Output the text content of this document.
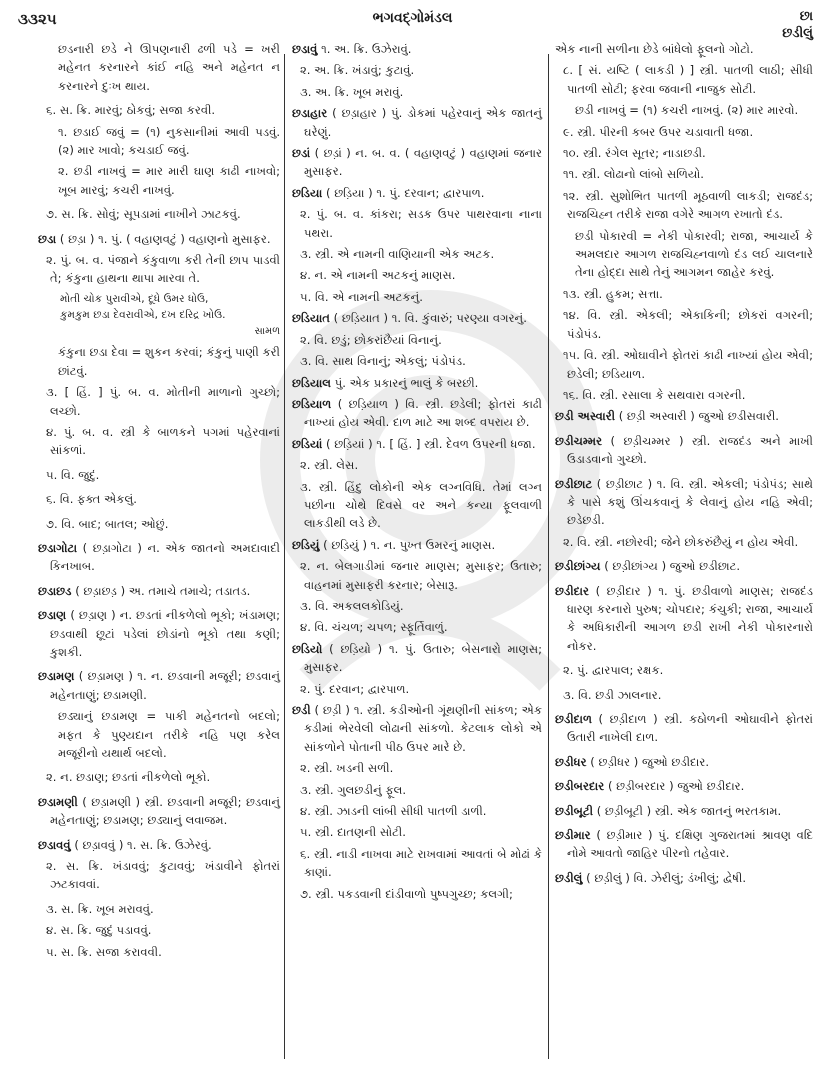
૩૩૨૫	ભગવદ્ગોમંડલ	છા
છડીલું

છડનારી છડે ને ઊપણનારી ઢળી પડે = ખરી મહેનત કરનારને કાંઈ નહિ અને મહેનત ન કરનારને દુઃખ થાય.

૬. સ. ક્રિ. મારવું; ઠોકવું; સજા કરવી.

૧. છડાઈ જવું = (૧) નુકસાનીમાં આવી પડવું. (૨) માર ખાવો; કચડાઈ જવું.

૨. છડી નાખવું = માર મારી ઘાણ કાઢી નાખવો; ખૂબ મારવું; કચરી નાખવું.

૭. સ. ક્રિ. સોવું; સૂપડામાં નાખીને ઝાટકવું.

છડા ( છડ઼ા ) ૧. પું. ( વહાણવટું ) વહાણનો મુસાફર.

૨. પું. બ. વ. પંજાને કંકુવાળા કરી તેની છાપ પાડવી તે; કંકુના હાથના થાપા મારવા તે.

મોતી ચોક પુરાવીએ, દૂધે ઉમર ધોઉ,

કુમકુમ છડા દેવરાવીએ, દખ દરિદ્ર ખોઉ.

સામળ

કંકુના છડા દેવા = શુકન કરવાં; કંકુનું પાણી કરી છાંટવું.

૩. [ હિં. ] પું. બ. વ. મોતીની માળાનો ગુચ્છો; લચ્છો.

૪. પું. બ. વ. સ્ત્રી કે બાળકને પગમાં પહેરવાનાં સાંકળાં.

૫. વિ. જુદું.

૬. વિ. ફક્ત એકલું.

૭. વિ. બાદ; બાતલ; ઓછું.

છડાગોટા ( છડ઼ાગોટા ) ન. એક જાતનો અમદાવાદી કિનખાબ.

છડાછડ ( છડ઼ાછડ઼ ) અ. તમાચે તમાચે; તડાતડ.

છડાણ ( છડ઼ાણ ) ન. છડતાં નીકળેલો ભૂકો; ખંડામણ; છડવાથી છૂટાં પડેલાં છોડાંનો ભૂકો તથા કણી; કુશકી.

છડામણ ( છડ઼ામણ ) ૧. ન. છડવાની મજૂરી; છડવાનું મહેનતાણું; છડામણી.

છડ્યાનું છડામણ = પાકી મહેનતનો બદલો; મફત કે પુણ્યદાન તરીકે નહિ પણ કરેલ મજૂરીનો યથાર્થ બદલો.

૨. ન. છડાણ; છડતાં નીકળેલો ભૂકો.

છડામણી ( છડ઼ામણી ) સ્ત્રી. છડવાની મજૂરી; છડવાનું મહેનતાણું; છડામણ; છડ્યાનું લવાજમ.

છડાવવું ( છડ઼ાવવું ) ૧. સ. ક્રિ. ઉઝેરવું.

૨. સ. ક્રિ. ખંડાવવું; કુટાવવું; ખંડાવીને ફોતરાં ઝટકાવવાં.

૩. સ. ક્રિ. ખૂબ મરાવવું.

૪. સ. ક્રિ. જુદું પડાવવું.

૫. સ. ક્રિ. સજા કરાવવી.

છડાવું ૧. અ. ક્રિ. ઉઝેરાવું.

૨. અ. ક્રિ. ખંડાવું; કુટાવું.

૩. અ. ક્રિ. ખૂબ મરાવું.

છડાહાર ( છડ઼ાહાર ) પું. ડોકમાં પહેરવાનું એક જાતનું ઘરેણું.

છડાં ( છડ઼ાં ) ન. બ. વ. ( વહાણવટું ) વહાણમાં જનાર મુસાફર.

છડિયા ( છડ઼િયા ) ૧. પું. દરવાન; દ્વારપાળ.

૨. પું. બ. વ. કાંકરા; સડક ઉપર પાથરવાના નાના પથરા.

૩. સ્ત્રી. એ નામની વાણિયાની એક અટક.

૪. ન. એ નામની અટકનું માણસ.

૫. વિ. એ નામની અટકનું.

છડિયાત ( છડ઼િયાત ) ૧. વિ. કુંવારું; પરણ્યા વગરનું.

૨. વિ. છડું; છોકરાંછૈયાં વિનાનું.

૩. વિ. સાથ વિનાનું; એકલું; પંડોપંડ.

છડિયાલ પું. એક પ્રકારનું ભાલું કે બરછી.

છડિયાળ ( છડ઼િયાળ ) વિ. સ્ત્રી. છડેલી; ફોતરાં કાઢી નાખ્યાં હોય એવી. દાળ માટે આ શબ્દ વપરાય છે.

છડિયાં ( છડ઼િયાં ) ૧. [ હિં. ] સ્ત્રી. દેવળ ઉપરની ધજા.

૨. સ્ત્રી. લેસ.

૩. સ્ત્રી. હિંદુ લોકોની એક લગ્નવિધિ. તેમાં લગ્ન પછીના ચોથે દિવસે વર અને કન્યા ફૂલવાળી લાકડીથી લડે છે.

છડિયું ( છડ઼િયું ) ૧. ન. પુખ્ત ઉમરનું માણસ.

૨. ન. બેલગાડીમાં જનાર માણસ; મુસાફર; ઉતારુ; વાહનમાં મુસાફરી કરનાર; બેસારૂ.

૩. વિ. અકલલકોડિયું.

૪. વિ. ચંચળ; ચપળ; સ્ફૂર્તિવાળું.

છડિયો ( છડ઼િયો ) ૧. પું. ઉતારુ; બેસનારો માણસ; મુસાફર.

૨. પું. દરવાન; દ્વારપાળ.

છડી ( છડ઼ી ) ૧. સ્ત્રી. કડીઓની ગૂંથણીની સાંકળ; એક કડીમાં ભેરવેલી લોઢાની સાંકળો. કેટલાક લોકો એ સાંકળોને પોતાની પીઠ ઉપર મારે છે.

૨. સ્ત્રી. ખડની સળી.

૩. સ્ત્રી. ગુલછડીનું ફૂલ.

૪. સ્ત્રી. ઝાડની લાંબી સીધી પાતળી ડાળી.

૫. સ્ત્રી. દાતણની સોટી.

૬. સ્ત્રી. નાડી નાખવા માટે રાખવામાં આવતાં બે મોઢાં કે કાણાં.

૭. સ્ત્રી. પકડવાની દાંડીવાળો પુષ્પગુચ્છ; કલગી;

એક નાની સળીના છેડે બાંધેલો ફૂલનો ગોટો.

૮. [ સં. યષ્ટિ ( લાકડી ) ] સ્ત્રી. પાતળી લાઠી; સીધી પાતળી સોટી; ફરવા જવાની નાજુક સોટી.

છડી નાખવું = (૧) કચરી નાખવું. (૨) માર મારવો.

૯. સ્ત્રી. પીરની કબર ઉપર ચડાવાતી ધજા.

૧૦. સ્ત્રી. રંગેલ સૂતર; નાડાછડી.

૧૧. સ્ત્રી. લોઢાનો લાંબો સળિયો.

૧૨. સ્ત્રી. સુશોભિત પાતળી મૂઠવાળી લાકડી; રાજદંડ; રાજચિહ્ન તરીકે રાજા વગેરે આગળ રખાતો દંડ.

છડી પોકારવી = નેકી પોકારવી; રાજા, આચાર્ય કે અમલદાર આગળ રાજચિહ્નવાળો દંડ લઈ ચાલનારે તેના હોદ્દા સાથે તેનું આગમન જાહેર કરવું.

૧૩. સ્ત્રી. હુકમ; સત્તા.

૧૪. વિ. સ્ત્રી. એકલી; એકાકિની; છોકરાં વગરની; પંડોપંડ.

૧૫. વિ. સ્ત્રી. ઓઘાવીને ફોતરાં કાઢી નાખ્યાં હોય એવી; છડેલી; છડિયાળ.

૧૬. વિ. સ્ત્રી. રસાલા કે સથવારા વગરની.

છડી અસ્વારી ( છડ઼ી અસ્વારી ) જુઓ છડીસવારી.

છડીચમ્મર ( છડ઼ીચમ્મર ) સ્ત્રી. રાજદંડ અને માખી ઉડાડવાનો ગુચ્છો.

છડીછાટ ( છડ઼ીછાટ ) ૧. વિ. સ્ત્રી. એકલી; પંડોપંડ; સાથે કે પાસે કશું ઊંચકવાનું કે લેવાનું હોય નહિ એવી; છડેછડી.

૨. વિ. સ્ત્રી. નછોરવી; જેને છોકરુંછૈયું ન હોય એવી.

છડીછાંગ્ય ( છડ઼ીછાંગ્ય ) જુઓ છડીછાટ.

છડીદાર ( છડ઼ીદાર ) ૧. પું. છડીવાળો માણસ; રાજદંડ ધારણ કરનારો પુરુષ; ચોપદાર; કંચુકી; રાજા, આચાર્ય કે અધિકારીની આગળ છડી રાખી નેકી પોકારનારો નોકર.

૨. પું. દ્વારપાલ; રક્ષક.

૩. વિ. છડી ઝાલનાર.

છડીદાળ ( છડ઼ીદાળ ) સ્ત્રી. કઠોળની ઓઘાવીને ફોતરાં ઉતારી નાખેલી દાળ.

છડીધર ( છડ઼ીધર ) જુઓ છડીદાર.

છડીબરદાર ( છડ઼ીબરદાર ) જુઓ છડીદાર.

છડીબૂટી ( છડ઼ીબૂટી ) સ્ત્રી. એક જાતનું ભરતકામ.

છડીમાર ( છડ઼ીમાર ) પું. દક્ષિણ ગુજરાતમાં શ્રાવણ વદિ નોમે આવતો જાહિર પીરનો તહેવાર.

છડીલું ( છડ઼ીલું ) વિ. ઝેરીલું; ડંખીલું; દ્વેષી.
